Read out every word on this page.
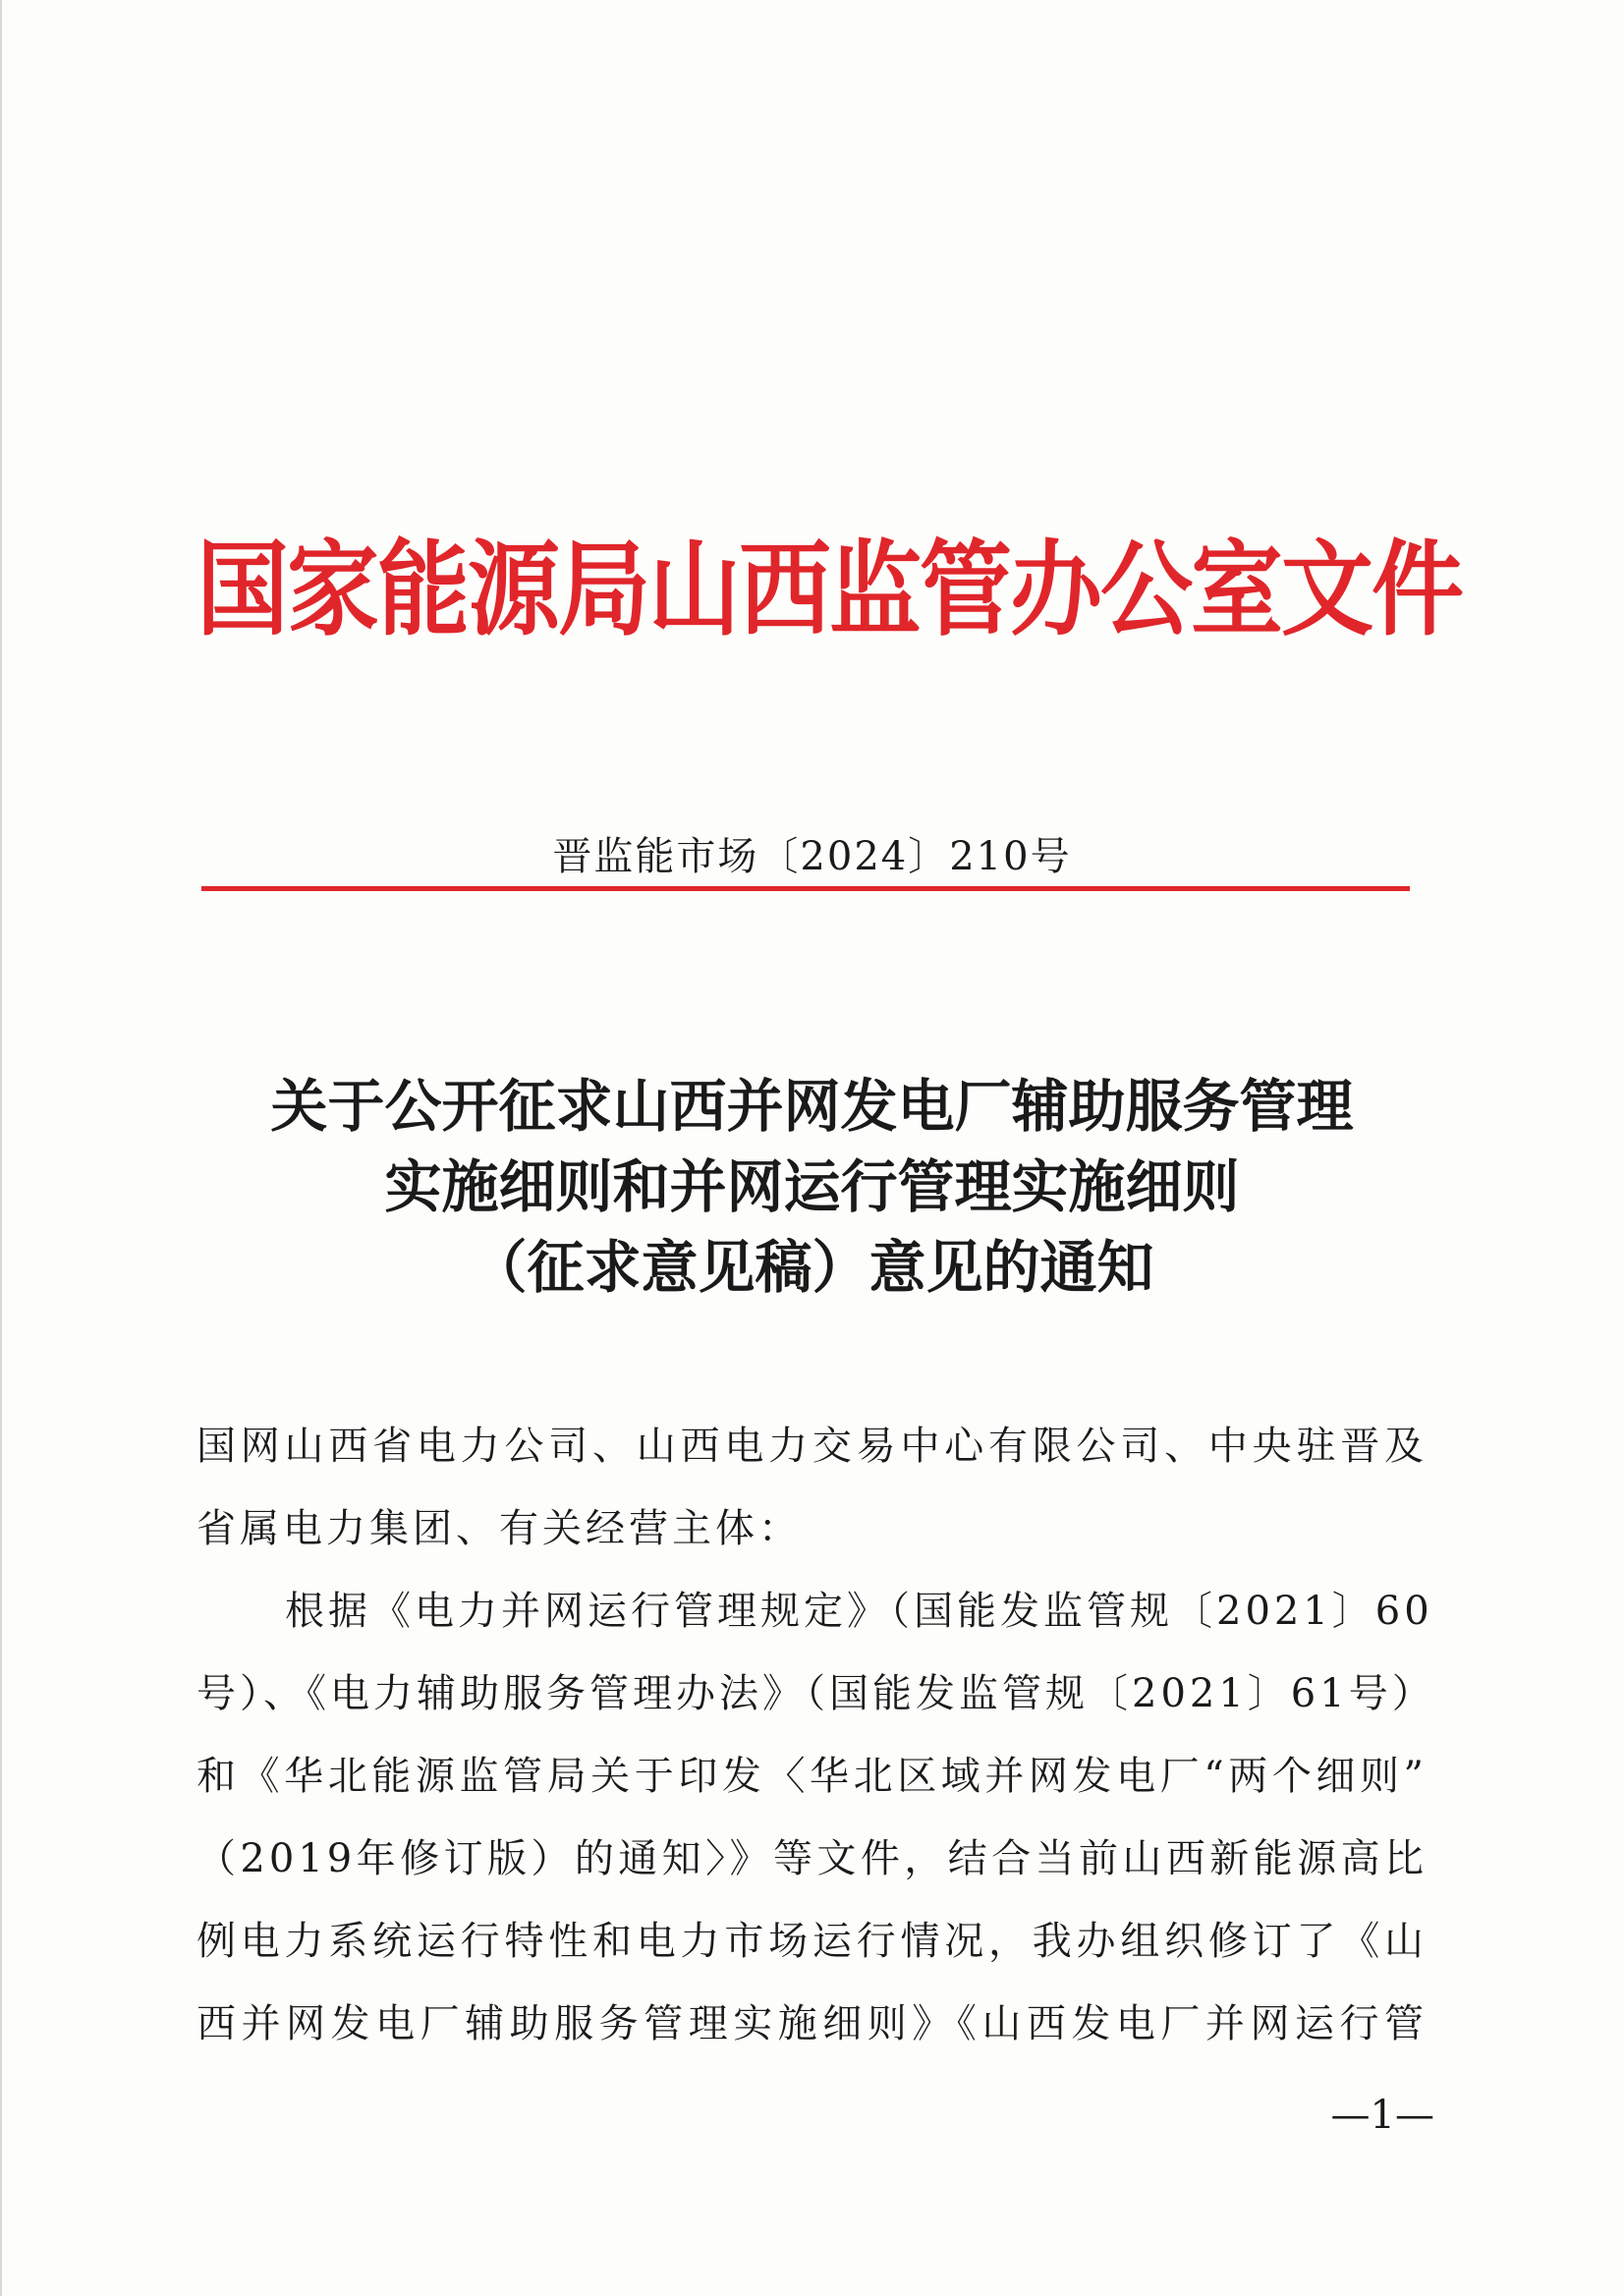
国家能源局山西监管办公室文件
晋监能市场〔2024〕210号
关于公开征求山西并网发电厂辅助服务管理
实施细则和并网运行管理实施细则
（征求意见稿）意见的通知
国网山西省电力公司、山西电力交易中心有限公司、中央驻晋及
省属电力集团、有关经营主体：
根据《电力并网运行管理规定》（国能发监管规〔2021〕60
号）、《电力辅助服务管理办法》（国能发监管规〔2021〕61号）
和《华北能源监管局关于印发〈华北区域并网发电厂“两个细则”
（2019年修订版）的通知〉》等文件，结合当前山西新能源高比
例电力系统运行特性和电力市场运行情况，我办组织修订了《山
西并网发电厂辅助服务管理实施细则》《山西发电厂并网运行管
—1—
